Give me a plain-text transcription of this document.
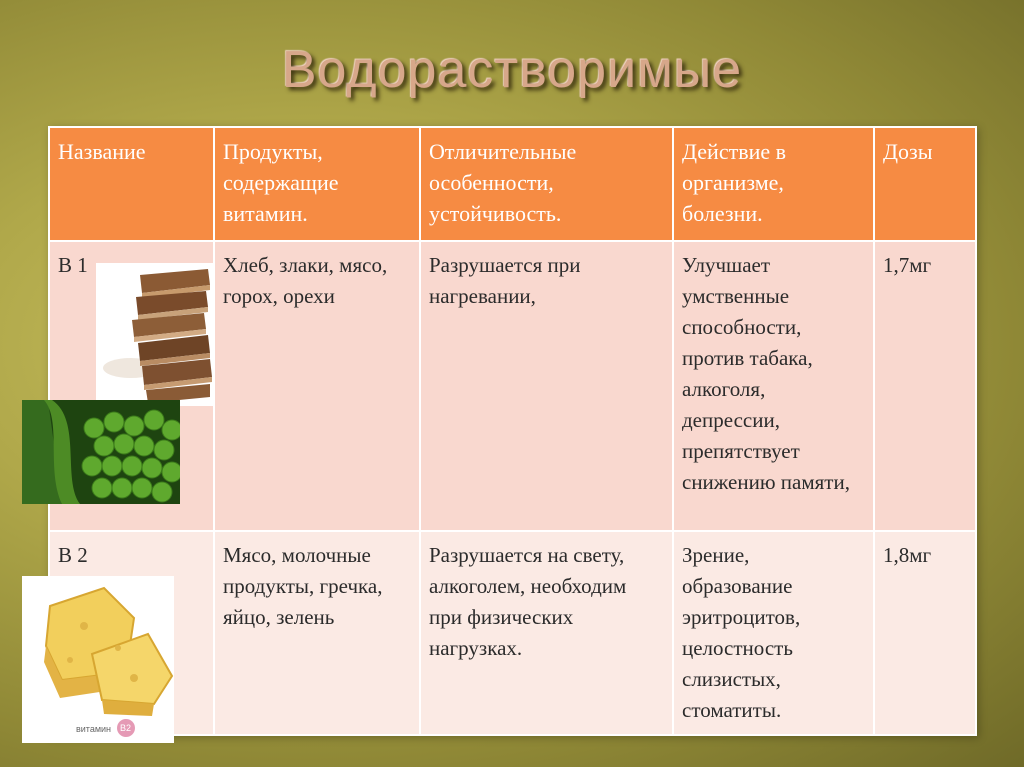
Водорастворимые
Название	Продукты, содержащие витамин.	Отличительные особенности, устойчивость.	Действие в организме, болезни.	Дозы
В 1	Хлеб, злаки, мясо, горох, орехи	Разрушается при нагревании,	Улучшает умственные способности, против табака, алкоголя, депрессии, препятствует снижению памяти,	1,7мг
В 2	Мясо, молочные продукты, гречка, яйцо, зелень	Разрушается на свету, алкоголем, необходим при физических нагрузках.	Зрение, образование эритроцитов, целостность слизистых, стоматиты.	1,8мг
витамин B2
